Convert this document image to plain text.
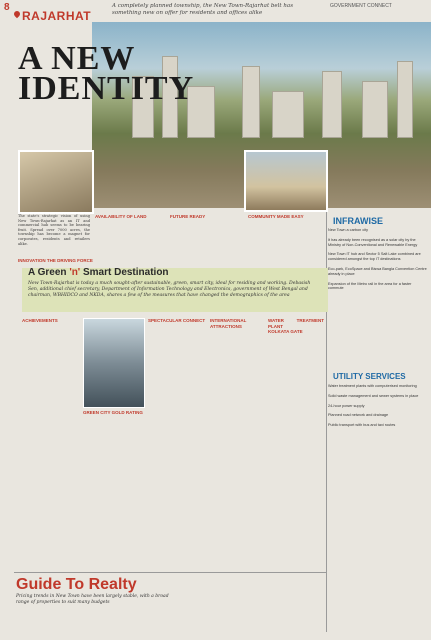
8
RAJARHAT
A completely planned township, the New Town-Rajarhat belt has something new on offer for residents and offices alike
GOVERNMENT CONNECT
A NEW
IDENTITY
The state's strategic vision of using New Town-Rajarhat as an IT and commercial hub seems to be bearing fruit. Spread over 7000 acres, the township has become a magnet for corporates, residents and retailers alike.
INNOVATION THE DRIVING FORCE
AVAILABILITY OF LAND	FUTURE READY	COMMUNITY MADE EASY	INFRAWISE
New Town a carbon city
It has already been recognised as a solar city by the Ministry of Non-Conventional and Renewable Energy
New Town IT hub and Sector 5 Salt Lake combined are considered amongst the top IT destinations
Eco-park, EcoSpace and Biswa Bangla Convention Centre already in place
Expansion of the Metro rail in the area for a faster commute
UTILITY SERVICES
Water treatment plants with computerised monitoring
Solid waste management and sewer systems in place
24-hour power supply
Planned road network and drainage
Public transport with bus and taxi routes
A Green 'n' Smart Destination
New Town-Rajarhat is today a much sought-after sustainable, green, smart city, ideal for residing and working. Debasish Sen, additional chief secretary, Department of Information Technology and Electronics, government of West Bengal and chairman, WBHIDCO and NKDA, shares a few of the measures that have changed the demographics of the area
ACHIEVEMENTS
GREEN CITY GOLD RATING
SPECTACULAR CONNECT INTERNATIONAL ATTRACTIONS
WATER TREATMENT PLANT
KOLKATA GATE
Guide To Realty
Pricing trends in New Town have been largely stable, with a broad range of properties to suit many budgets
